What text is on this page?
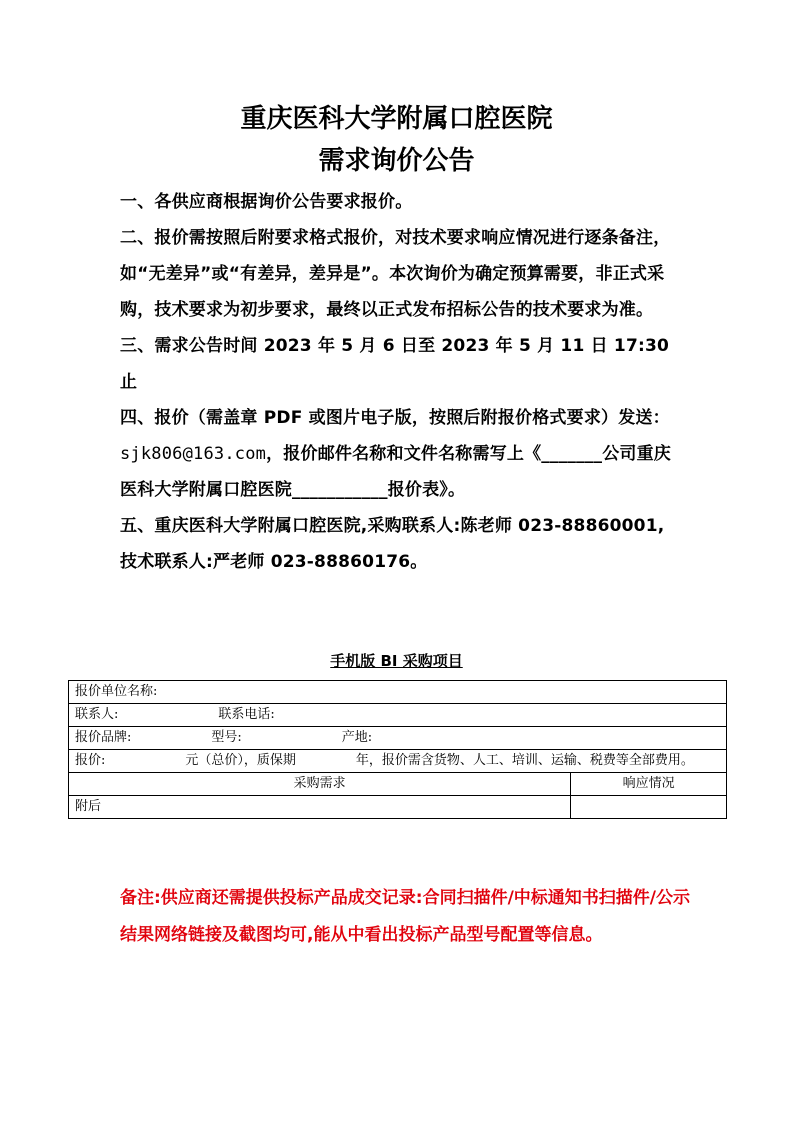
重庆医科大学附属口腔医院
需求询价公告

一、各供应商根据询价公告要求报价。

二、报价需按照后附要求格式报价，对技术要求响应情况进行逐条备注，如“无差异”或“有差异，差异是”。本次询价为确定预算需要，非正式采购，技术要求为初步要求，最终以正式发布招标公告的技术要求为准。

三、需求公告时间 2023 年 5 月 6 日至 2023 年 5 月 11 日 17:30 止

四、报价（需盖章 PDF 或图片电子版，按照后附报价格式要求）发送：sjk806@163.com，报价邮件名称和文件名称需写上《_______公司重庆医科大学附属口腔医院___________报价表》。

五、重庆医科大学附属口腔医院,采购联系人:陈老师 023-88860001,技术联系人:严老师 023-88860176。

手机版 BI 采购项目
报价单位名称:	
联系人: 联系电话:	
报价品牌: 型号: 产地:	
报价: 元（总价），质保期 年，报价需含货物、人工、培训、运输、税费等全部费用。	
采购需求	响应情况
附后	
备注:供应商还需提供投标产品成交记录:合同扫描件/中标通知书扫描件/公示结果网络链接及截图均可,能从中看出投标产品型号配置等信息。
